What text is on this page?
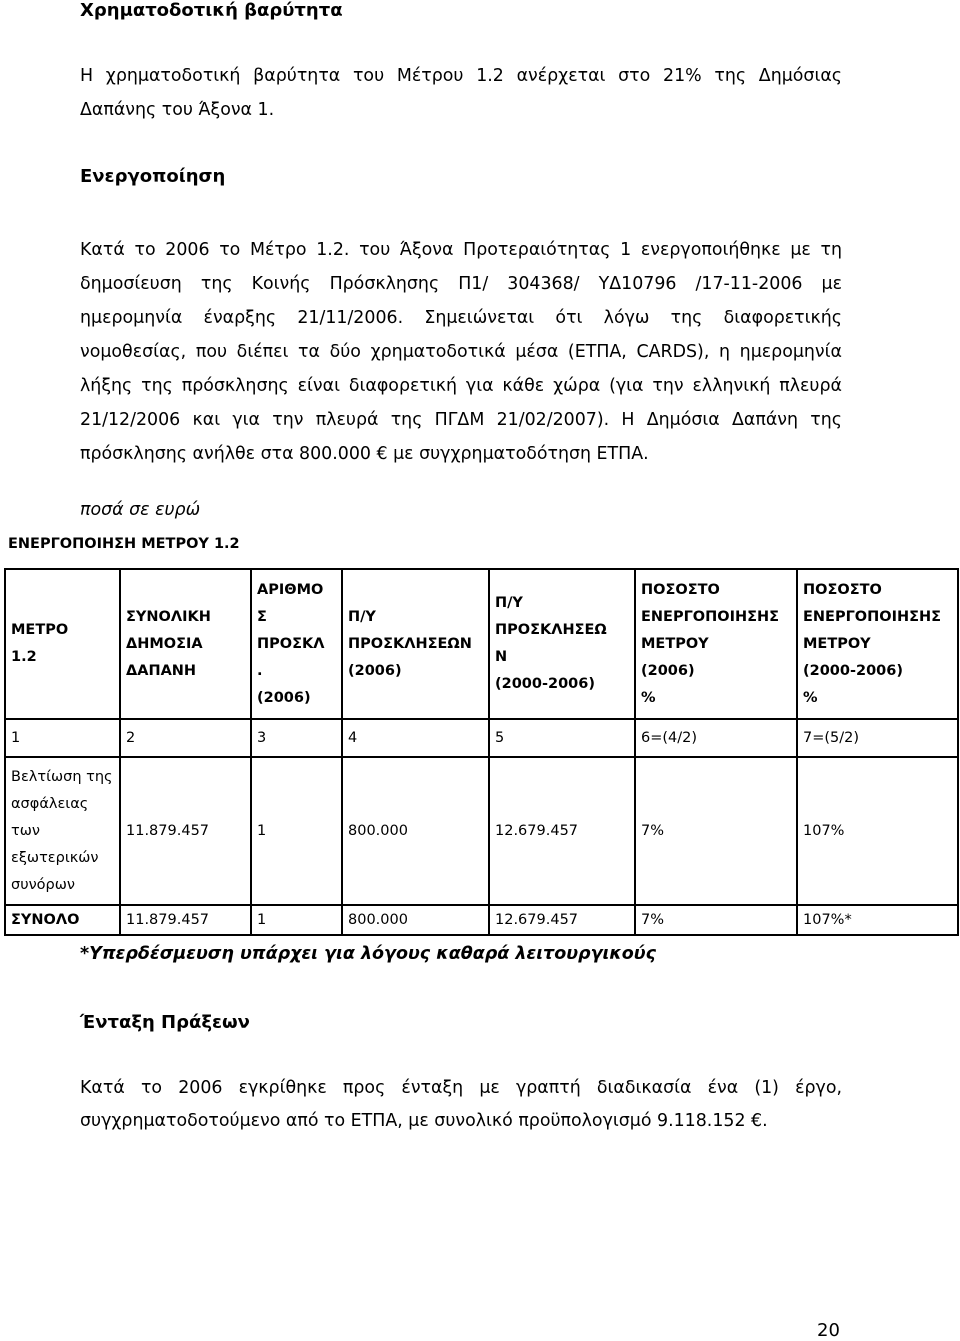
Χρηματοδοτική βαρύτητα
Η χρηματοδοτική βαρύτητα του Μέτρου 1.2 ανέρχεται στο 21% της Δημόσιας
Δαπάνης του Άξονα 1.
Ενεργοποίηση
Κατά το 2006 το Μέτρο 1.2. του Άξονα Προτεραιότητας 1 ενεργοποιήθηκε με τη
δημοσίευση της Κοινής Πρόσκλησης Π1/ 304368/ ΥΔ10796 /17-11-2006 με
ημερομηνία έναρξης 21/11/2006. Σημειώνεται ότι λόγω της διαφορετικής
νομοθεσίας, που διέπει τα δύο χρηματοδοτικά μέσα (ΕΤΠΑ, CARDS), η ημερομηνία
λήξης της πρόσκλησης είναι διαφορετική για κάθε χώρα (για την ελληνική πλευρά
21/12/2006 και για την πλευρά της ΠΓΔΜ 21/02/2007). Η Δημόσια Δαπάνη της
πρόσκλησης ανήλθε στα 800.000 € με συγχρηματοδότηση ΕΤΠΑ.
ποσά σε ευρώ
ΕΝΕΡΓΟΠΟΙΗΣΗ ΜΕΤΡΟΥ 1.2
ΜΕΤΡΟ
1.2	ΣΥΝΟΛΙΚΗ
ΔΗΜΟΣΙΑ
ΔΑΠΑΝΗ	ΑΡΙΘΜΟ
Σ
ΠΡΟΣΚΛ
.
(2006)	Π/Υ
ΠΡΟΣΚΛΗΣΕΩΝ
(2006)	Π/Υ
ΠΡΟΣΚΛΗΣΕΩ
Ν
(2000-2006)	ΠΟΣΟΣΤΟ
ΕΝΕΡΓΟΠΟΙΗΣΗΣ
ΜΕΤΡΟΥ
(2006)
%	ΠΟΣΟΣΤΟ
ΕΝΕΡΓΟΠΟΙΗΣΗΣ
ΜΕΤΡΟΥ
(2000-2006)
%

1	2	3	4	5	6=(4/2)	7=(5/2)

Βελτίωση της
ασφάλειας
των
εξωτερικών
συνόρων	11.879.457	1	800.000	12.679.457	7%	107%
ΣΥΝΟΛΟ	11.879.457	1	800.000	12.679.457	7%	107%*
*Υπερδέσμευση υπάρχει για λόγους καθαρά λειτουργικούς
Ένταξη Πράξεων
Κατά το 2006 εγκρίθηκε προς ένταξη με γραπτή διαδικασία ένα (1) έργο,
συγχρηματοδοτούμενο από το ΕΤΠΑ, με συνολικό προϋπολογισμό 9.118.152 €.
20
